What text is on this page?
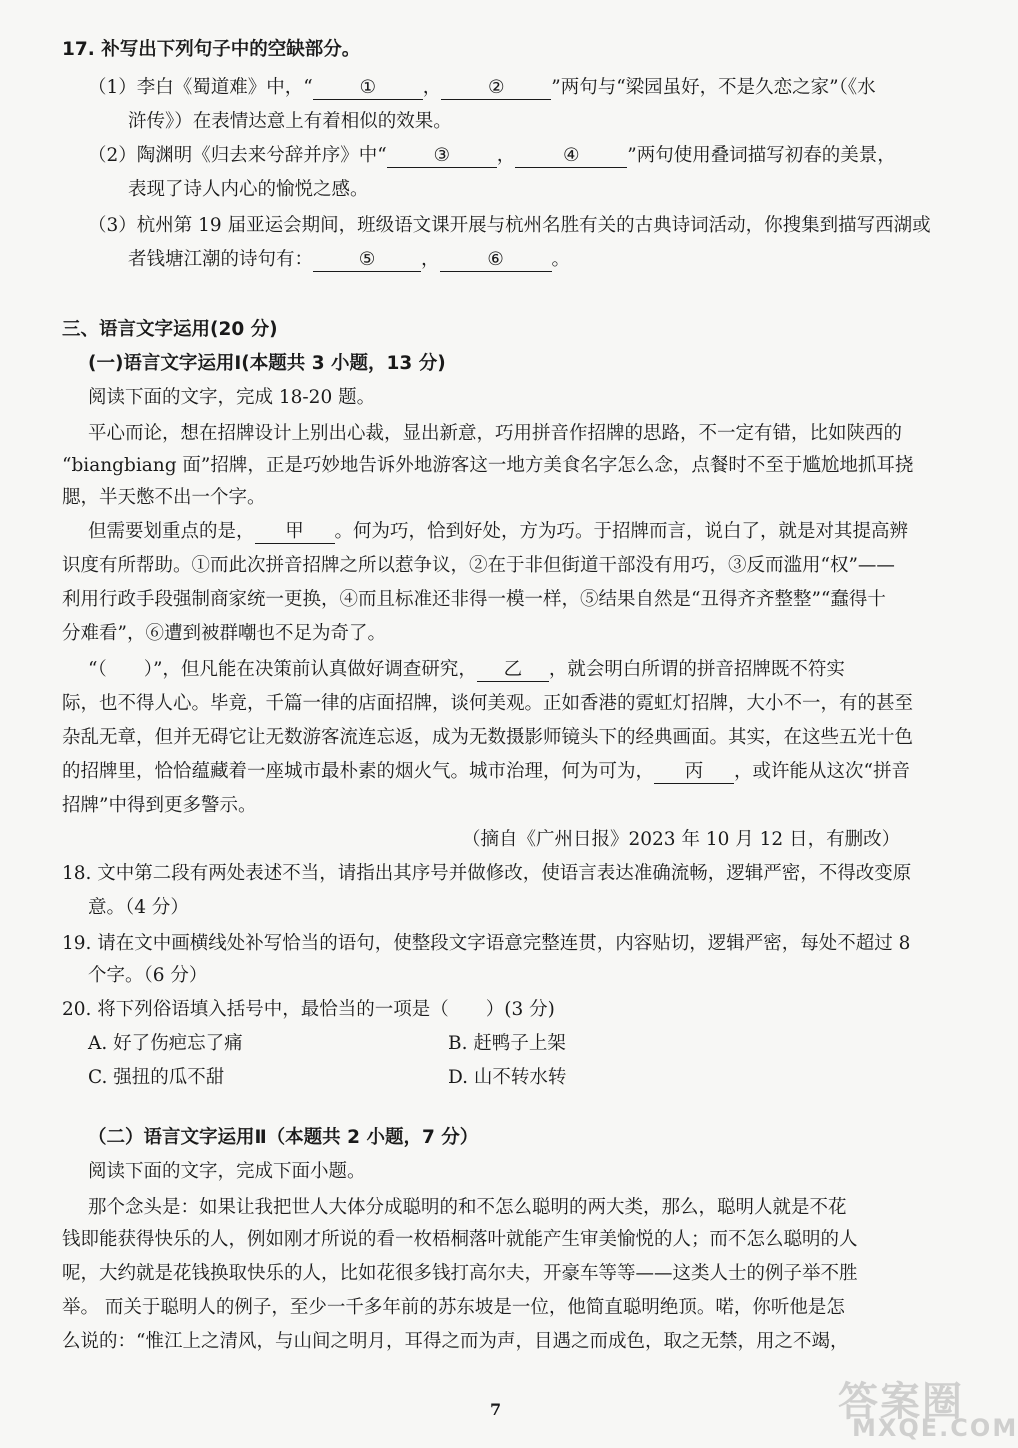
17. 补写出下列句子中的空缺部分。
（1）李白《蜀道难》中，“	①	，	②	”两句与“梁园虽好，不是久恋之家”（《水
浒传》）在表情达意上有着相似的效果。
（2）陶渊明《归去来兮辞并序》中“	③	，	④	”两句使用叠词描写初春的美景，
表现了诗人内心的愉悦之感。
（3）杭州第 19 届亚运会期间，班级语文课开展与杭州名胜有关的古典诗词活动，你搜集到描写西湖或
者钱塘江潮的诗句有： ⑤ ，	⑥	。
三、语言文字运用(20 分)
(一)语言文字运用Ⅰ(本题共 3 小题，13 分)
阅读下面的文字，完成 18-20 题。
平心而论，想在招牌设计上别出心裁，显出新意，巧用拼音作招牌的思路，不一定有错，比如陕西的
“biangbiang 面”招牌，正是巧妙地告诉外地游客这一地方美食名字怎么念，点餐时不至于尴尬地抓耳挠
腮，半天憋不出一个字。
但需要划重点的是， 甲 。何为巧，恰到好处，方为巧。于招牌而言，说白了，就是对其提高辨
识度有所帮助。①而此次拼音招牌之所以惹争议，②在于非但街道干部没有用巧，③反而滥用“权”——
利用行政手段强制商家统一更换，④而且标准还非得一模一样，⑤结果自然是“丑得齐齐整整”“蠢得十
分难看”，⑥遭到被群嘲也不足为奇了。
“（　　）”，但凡能在决策前认真做好调查研究， 乙 ，就会明白所谓的拼音招牌既不符实
际，也不得人心。毕竟，千篇一律的店面招牌，谈何美观。正如香港的霓虹灯招牌，大小不一，有的甚至
杂乱无章，但并无碍它让无数游客流连忘返，成为无数摄影师镜头下的经典画面。其实，在这些五光十色
的招牌里，恰恰蕴藏着一座城市最朴素的烟火气。城市治理，何为可为， 丙 ，或许能从这次“拼音
招牌”中得到更多警示。
（摘自《广州日报》2023 年 10 月 12 日，有删改）
18. 文中第二段有两处表述不当，请指出其序号并做修改，使语言表达准确流畅，逻辑严密，不得改变原
意。（4 分）
19. 请在文中画横线处补写恰当的语句，使整段文字语意完整连贯，内容贴切，逻辑严密，每处不超过 8
个字。（6 分）
20. 将下列俗语填入括号中，最恰当的一项是（　　）(3 分)
A. 好了伤疤忘了痛	B. 赶鸭子上架
C. 强扭的瓜不甜	D. 山不转水转
（二）语言文字运用Ⅱ（本题共 2 小题，7 分）
阅读下面的文字，完成下面小题。
那个念头是：如果让我把世人大体分成聪明的和不怎么聪明的两大类，那么，聪明人就是不花
钱即能获得快乐的人，例如刚才所说的看一枚梧桐落叶就能产生审美愉悦的人；而不怎么聪明的人
呢，大约就是花钱换取快乐的人，比如花很多钱打高尔夫，开豪车等等——这类人士的例子举不胜
举。 而关于聪明人的例子，至少一千多年前的苏东坡是一位，他简直聪明绝顶。喏，你听他是怎
么说的：“惟江上之清风，与山间之明月，耳得之而为声，目遇之而成色，取之无禁，用之不竭，
7	答案圈
MXQE.COM
